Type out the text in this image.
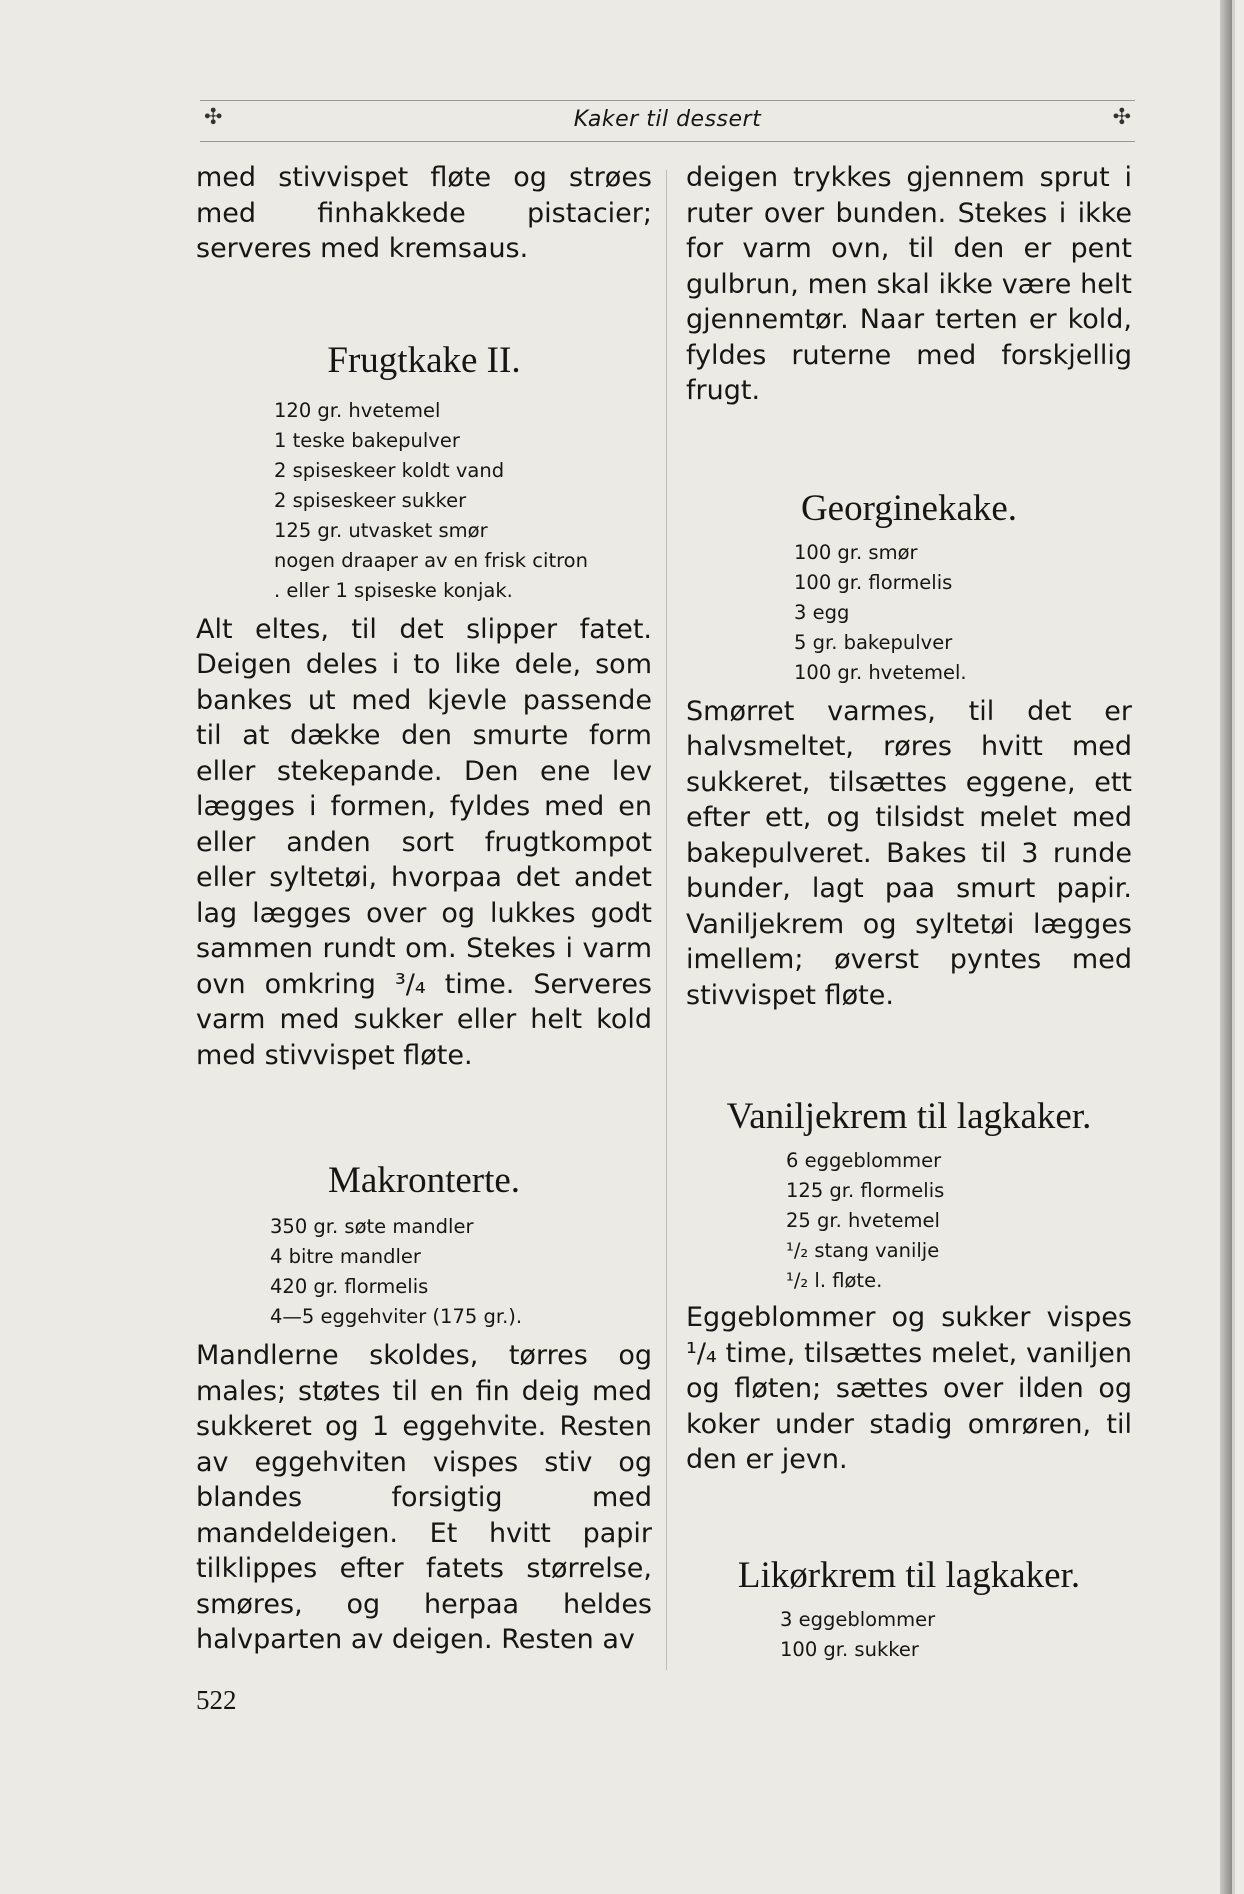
✣	Kaker til dessert	✣

med stivvispet fløte og strøes med finhakkede pistacier; serveres med kremsaus.

Frugtkake II.
120 gr. hvetemel
1 teske bakepulver
2 spiseskeer koldt vand
2 spiseskeer sukker
125 gr. utvasket smør
nogen draaper av en frisk citron
. eller 1 spiseske konjak.

Alt eltes, til det slipper fatet. Deigen deles i to like dele, som bankes ut med kjevle passende til at dække den smurte form eller stekepande. Den ene lev lægges i formen, fyldes med en eller anden sort frugtkompot eller syltetøi, hvorpaa det andet lag lægges over og lukkes godt sammen rundt om. Stekes i varm ovn omkring ³/₄ time. Serveres varm med sukker eller helt kold med stivvispet fløte.

Makronterte.
350 gr. søte mandler
4 bitre mandler
420 gr. flormelis
4—5 eggehviter (175 gr.).

Mandlerne skoldes, tørres og males; støtes til en fin deig med sukkeret og 1 eggehvite. Resten av eggehviten vispes stiv og blandes forsigtig med mandeldeigen. Et hvitt papir tilklippes efter fatets størrelse, smøres, og herpaa heldes halvparten av deigen. Resten av

deigen trykkes gjennem sprut i ruter over bunden. Stekes i ikke for varm ovn, til den er pent gulbrun, men skal ikke være helt gjennemtør. Naar terten er kold, fyldes ruterne med forskjellig frugt.

Georginekake.
100 gr. smør
100 gr. flormelis
3 egg
5 gr. bakepulver
100 gr. hvetemel.

Smørret varmes, til det er halvsmeltet, røres hvitt med sukkeret, tilsættes eggene, ett efter ett, og tilsidst melet med bakepulveret. Bakes til 3 runde bunder, lagt paa smurt papir. Vaniljekrem og syltetøi lægges imellem; øverst pyntes med stivvispet fløte.

Vaniljekrem til lagkaker.
6 eggeblommer
125 gr. flormelis
25 gr. hvetemel
¹/₂ stang vanilje
¹/₂ l. fløte.

Eggeblommer og sukker vispes ¹/₄ time, tilsættes melet, vaniljen og fløten; sættes over ilden og koker under stadig omrøren, til den er jevn.

Likørkrem til lagkaker.
3 eggeblommer
100 gr. sukker
522
